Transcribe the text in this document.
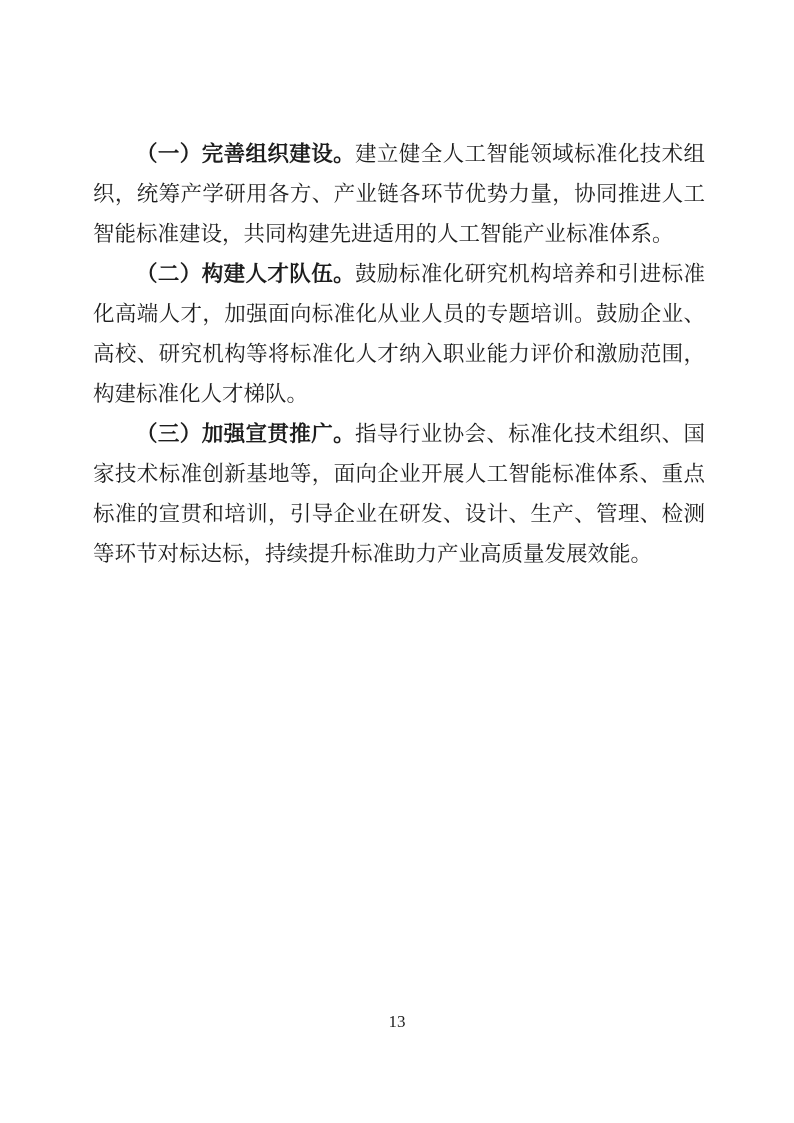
（一）完善组织建设。建立健全人工智能领域标准化技术组织，统筹产学研用各方、产业链各环节优势力量，协同推进人工智能标准建设，共同构建先进适用的人工智能产业标准体系。

（二）构建人才队伍。鼓励标准化研究机构培养和引进标准化高端人才，加强面向标准化从业人员的专题培训。鼓励企业、高校、研究机构等将标准化人才纳入职业能力评价和激励范围，构建标准化人才梯队。

（三）加强宣贯推广。指导行业协会、标准化技术组织、国家技术标准创新基地等，面向企业开展人工智能标准体系、重点标准的宣贯和培训，引导企业在研发、设计、生产、管理、检测等环节对标达标，持续提升标准助力产业高质量发展效能。

13
